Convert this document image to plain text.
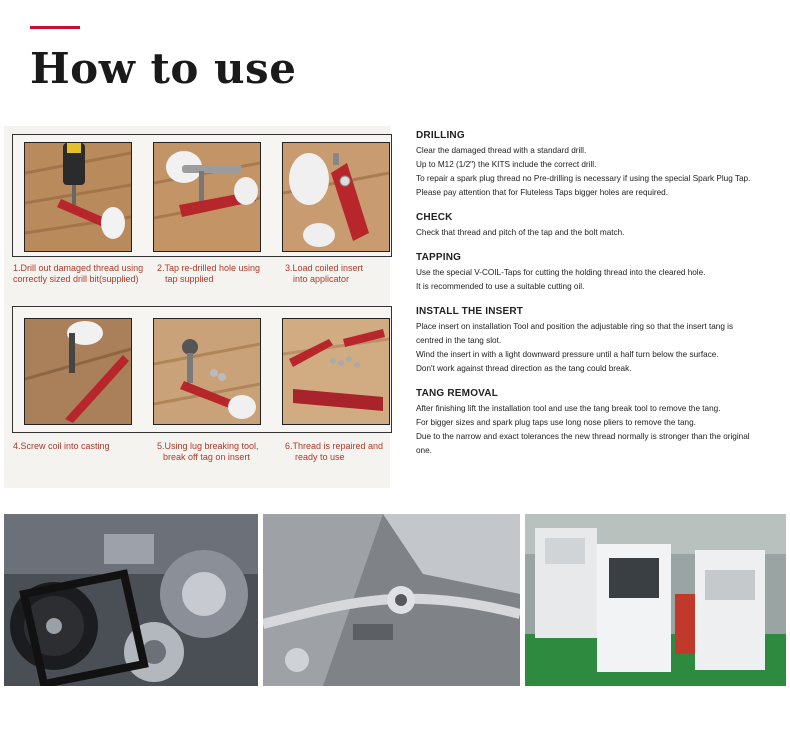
How to use
1.Drill out damaged thread using
correctly sized drill bit(supplied)
2.Tap re-drilled hole using
tap supplied
3.Load coiled insert
into applicator
4.Screw coil into casting	5.Using lug breaking tool,
break off tag on insert
6.Thread is repaired and
ready to use
DRILLING

Clear the damaged thread with a standard drill.

Up to M12 (1/2") the KITS include the correct drill.

To repair a spark plug thread no Pre-drilling is necessary if using the special Spark Plug Tap.

Please pay attention that for Fluteless Taps bigger holes are required.

CHECK

Check that thread and pitch of the tap and the bolt match.

TAPPING

Use the special V-COIL-Taps for cutting the holding thread into the cleared hole.

It is recommended to use a suitable cutting oil.

INSTALL THE INSERT

Place insert on installation Tool and position the adjustable ring so that the insert tang is

centred in the tang slot.

Wind the insert in with a light downward pressure until a half turn below the surface.

Don't work against thread direction as the tang could break.

TANG REMOVAL

After finishing lift the installation tool and use the tang break tool to remove the tang.

For bigger sizes and spark plug taps use long nose pliers to remove the tang.

Due to the narrow and exact tolerances the new thread normally is stronger than the original

one.
